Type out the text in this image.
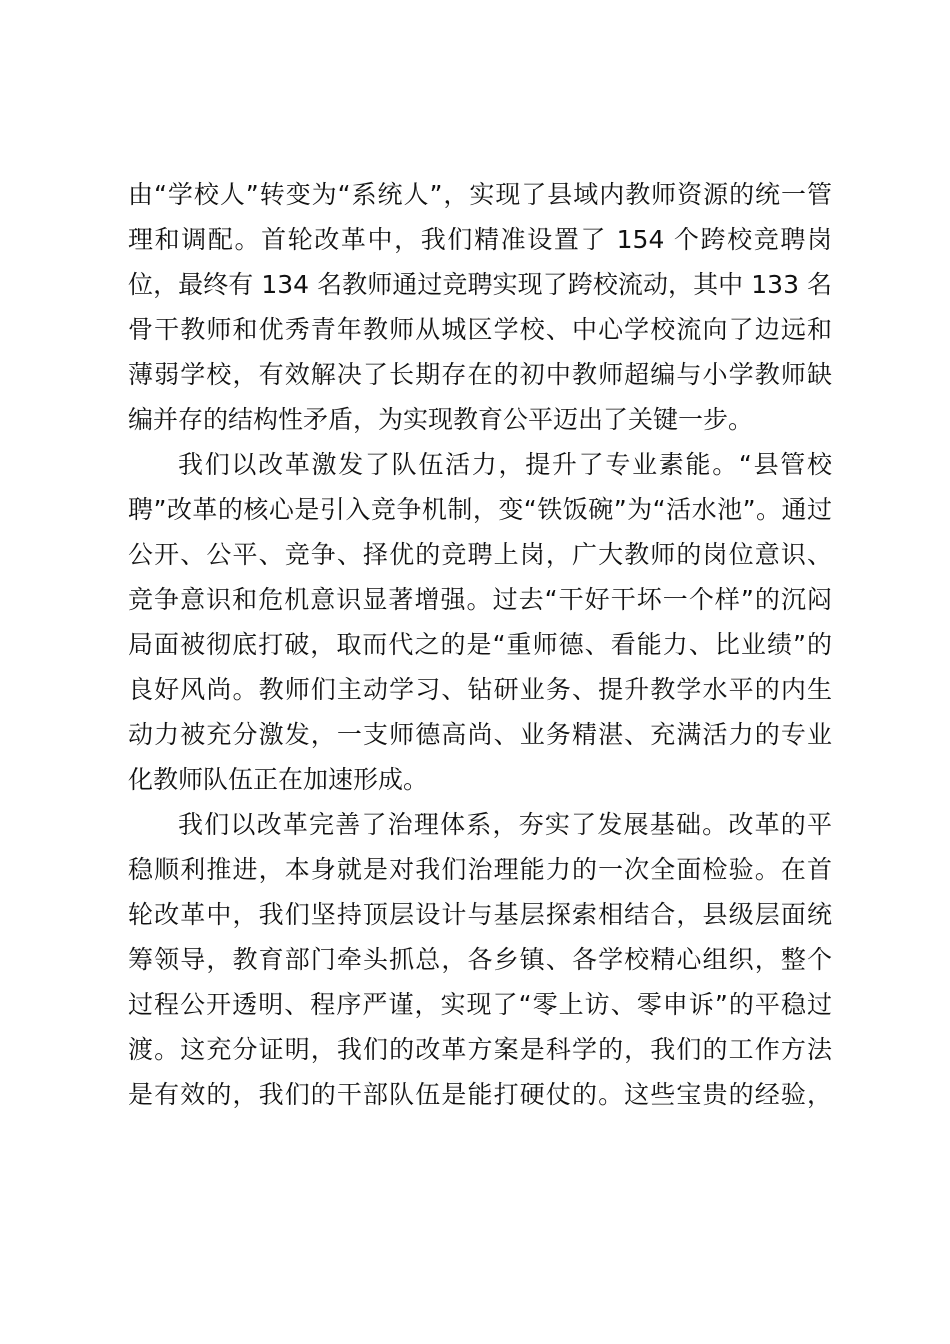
由“学校人”转变为“系统人”，实现了县域内教师资源的统一管
理和调配。首轮改革中，我们精准设置了 154 个跨校竞聘岗
位，最终有 134 名教师通过竞聘实现了跨校流动，其中 133 名
骨干教师和优秀青年教师从城区学校、中心学校流向了边远和
薄弱学校，有效解决了长期存在的初中教师超编与小学教师缺
编并存的结构性矛盾，为实现教育公平迈出了关键一步。
我们以改革激发了队伍活力，提升了专业素能。“县管校
聘”改革的核心是引入竞争机制，变“铁饭碗”为“活水池”。通过
公开、公平、竞争、择优的竞聘上岗，广大教师的岗位意识、
竞争意识和危机意识显著增强。过去“干好干坏一个样”的沉闷
局面被彻底打破，取而代之的是“重师德、看能力、比业绩”的
良好风尚。教师们主动学习、钻研业务、提升教学水平的内生
动力被充分激发，一支师德高尚、业务精湛、充满活力的专业
化教师队伍正在加速形成。
我们以改革完善了治理体系，夯实了发展基础。改革的平
稳顺利推进，本身就是对我们治理能力的一次全面检验。在首
轮改革中，我们坚持顶层设计与基层探索相结合，县级层面统
筹领导，教育部门牵头抓总，各乡镇、各学校精心组织，整个
过程公开透明、程序严谨，实现了“零上访、零申诉”的平稳过
渡。这充分证明，我们的改革方案是科学的，我们的工作方法
是有效的，我们的干部队伍是能打硬仗的。这些宝贵的经验，
